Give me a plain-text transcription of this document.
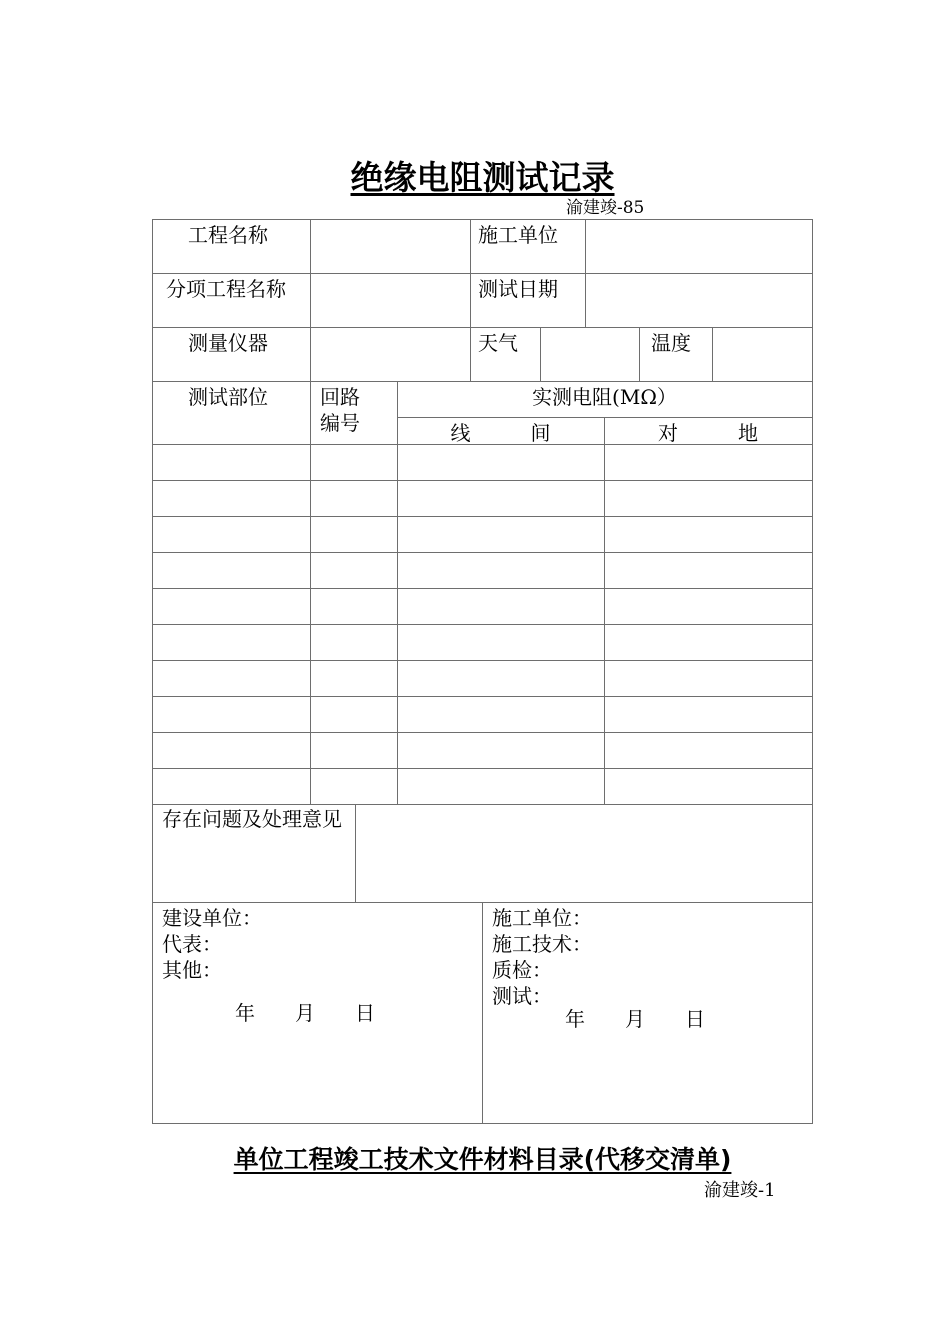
绝缘电阻测试记录
渝建竣-85
工程名称	施工单位
分项工程名称	测试日期
测量仪器	天气	温度
测试部位	回路
编号
实测电阻(MΩ）
线　　　间	对　　　地
存在问题及处理意见
建设单位：
代表：
其他：
年　　月　　日
施工单位：
施工技术：
质检：
测试：
年　　月　　日
单位工程竣工技术文件材料目录(代移交清单)
渝建竣-1
